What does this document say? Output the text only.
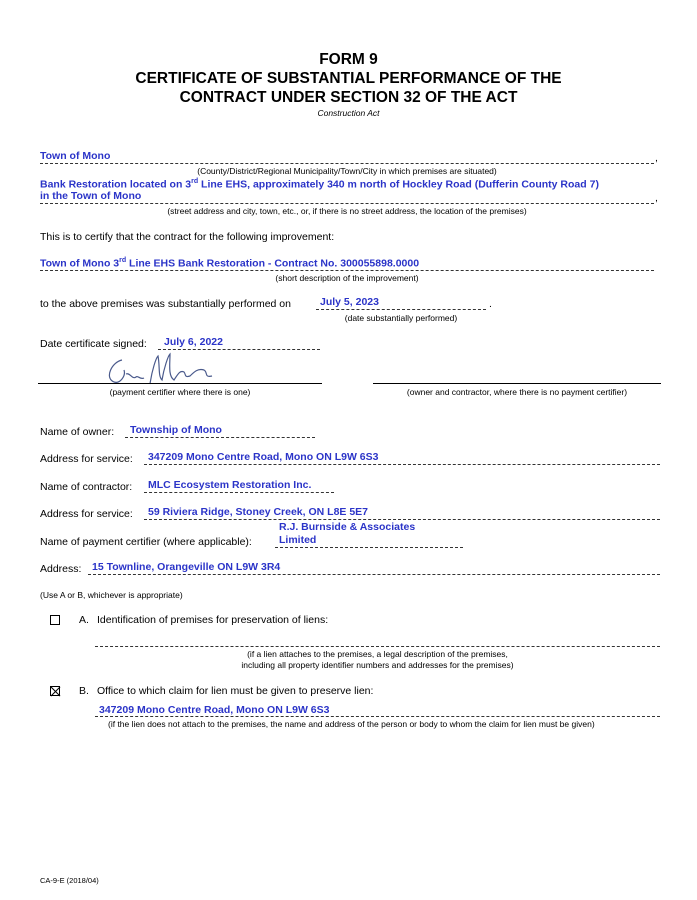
FORM 9
CERTIFICATE OF SUBSTANTIAL PERFORMANCE OF THE
CONTRACT UNDER SECTION 32 OF THE ACT
Construction Act
Town of Mono	,
(County/District/Regional Municipality/Town/City in which premises are situated)
Bank Restoration located on 3rd Line EHS, approximately 340 m north of Hockley Road (Dufferin County Road 7)
in the Town of Mono	,
(street address and city, town, etc., or, if there is no street address, the location of the premises)
This is to certify that the contract for the following improvement:
Town of Mono 3rd Line EHS Bank Restoration - Contract No. 300055898.0000
(short description of the improvement)
to the above premises was substantially performed on	July 5, 2023	.
(date substantially performed)
Date certificate signed: July 6, 2022
(payment certifier where there is one)	(owner and contractor, where there is no payment certifier)
Name of owner: Township of Mono
Address for service: 347209 Mono Centre Road, Mono ON L9W 6S3
Name of contractor: MLC Ecosystem Restoration Inc.
Address for service: 59 Riviera Ridge, Stoney Creek, ON L8E 5E7
R.J. Burnside & Associates
Name of payment certifier (where applicable):	Limited
Address: 15 Townline, Orangeville ON L9W 3R4
(Use A or B, whichever is appropriate)
A. Identification of premises for preservation of liens:
(if a lien attaches to the premises, a legal description of the premises,
including all property identifier numbers and addresses for the premises)
B. Office to which claim for lien must be given to preserve lien:
347209 Mono Centre Road, Mono ON L9W 6S3
(if the lien does not attach to the premises, the name and address of the person or body to whom the claim for lien must be given)
CA-9-E (2018/04)
